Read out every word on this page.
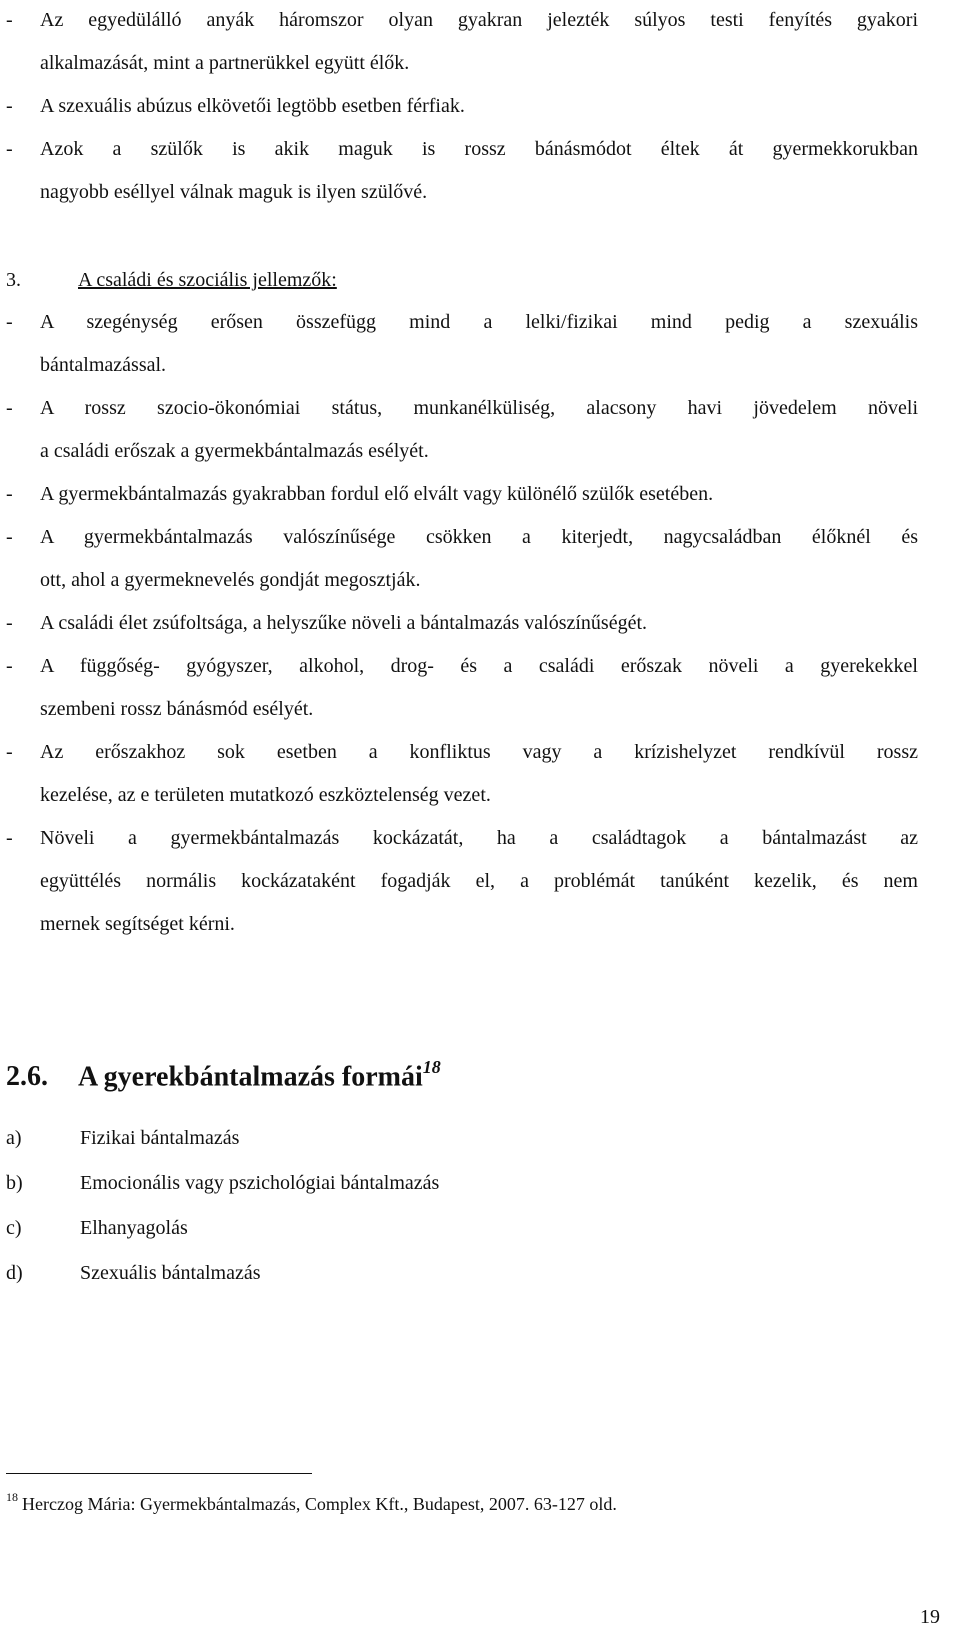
- Az egyedülálló anyák háromszor olyan gyakran jelezték súlyos testi fenyítés gyakori
alkalmazását, mint a partnerükkel együtt élők.
- A szexuális abúzus elkövetői legtöbb esetben férfiak.
- Azok a szülők is akik maguk is rossz bánásmódot éltek át gyermekkorukban
nagyobb eséllyel válnak maguk is ilyen szülővé.
3.	A családi és szociális jellemzők:
- A szegénység erősen összefügg mind a lelki/fizikai mind pedig a szexuális
bántalmazással.
- A rossz szocio-ökonómiai státus, munkanélküliség, alacsony havi jövedelem növeli
a családi erőszak a gyermekbántalmazás esélyét.
- A gyermekbántalmazás gyakrabban fordul elő elvált vagy különélő szülők esetében.
- A gyermekbántalmazás valószínűsége csökken a kiterjedt, nagycsaládban élőknél és
ott, ahol a gyermeknevelés gondját megosztják.
- A családi élet zsúfoltsága, a helyszűke növeli a bántalmazás valószínűségét.
- A függőség- gyógyszer, alkohol, drog- és a családi erőszak növeli a gyerekekkel
szembeni rossz bánásmód esélyét.
- Az erőszakhoz sok esetben a konfliktus vagy a krízishelyzet rendkívül rossz
kezelése, az e területen mutatkozó eszköztelenség vezet.
- Növeli a gyermekbántalmazás kockázatát, ha a családtagok a bántalmazást az
együttélés normális kockázataként fogadják el, a problémát tanúként kezelik, és nem
mernek segítséget kérni.
2.6. A gyerekbántalmazás formái$^{18}$
a)	Fizikai bántalmazás
b)	Emocionális vagy pszichológiai bántalmazás
c)	Elhanyagolás
d)	Szexuális bántalmazás
$^{18}$ Herczog Mária: Gyermekbántalmazás, Complex Kft., Budapest, 2007. 63-127 old.
19
